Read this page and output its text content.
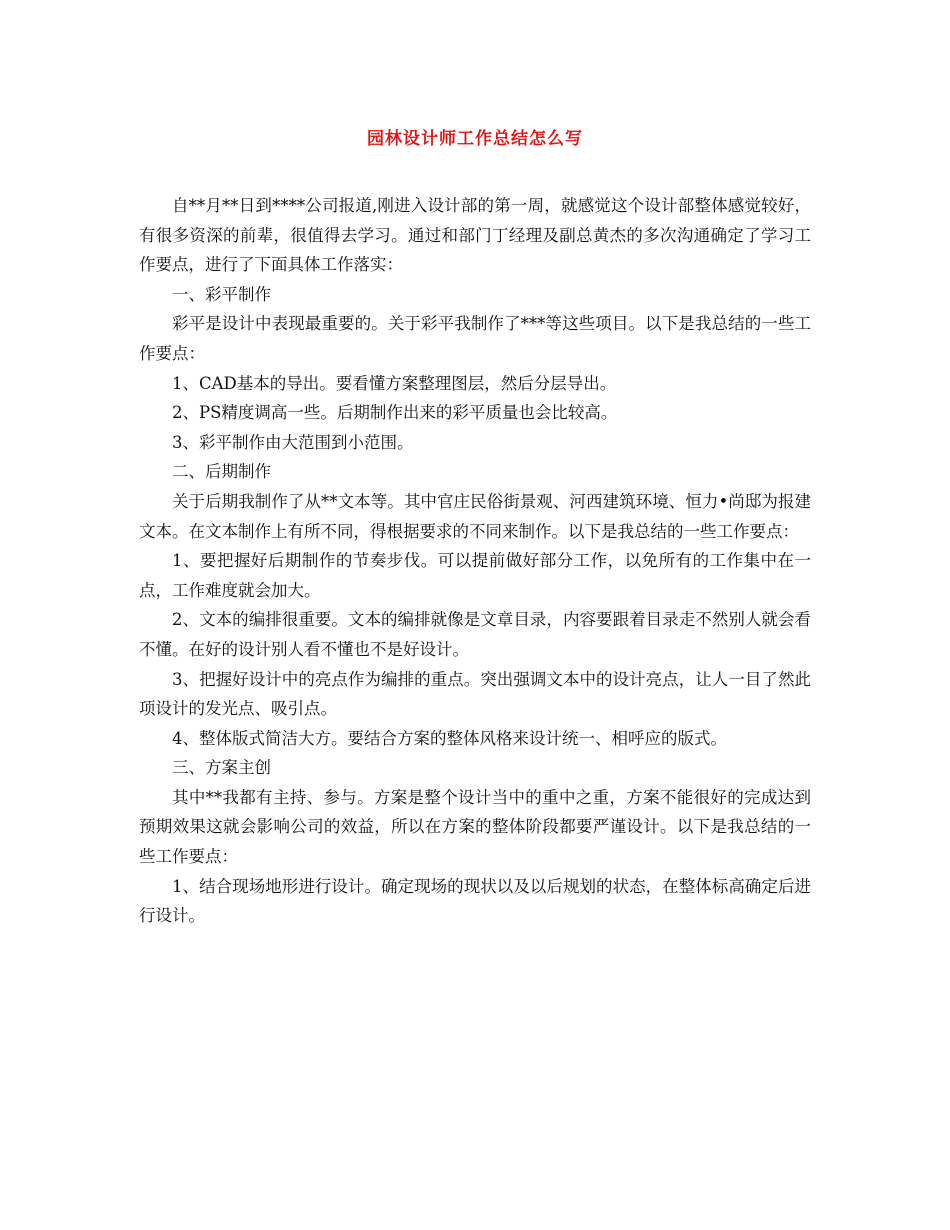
园林设计师工作总结怎么写

自**月**日到****公司报道,刚进入设计部的第一周，就感觉这个设计部整体感觉较好，有很多资深的前辈，很值得去学习。通过和部门丁经理及副总黄杰的多次沟通确定了学习工作要点，进行了下面具体工作落实：

一、彩平制作

彩平是设计中表现最重要的。关于彩平我制作了***等这些项目。以下是我总结的一些工作要点：

1、CAD基本的导出。要看懂方案整理图层，然后分层导出。

2、PS精度调高一些。后期制作出来的彩平质量也会比较高。

3、彩平制作由大范围到小范围。

二、后期制作

关于后期我制作了从**文本等。其中官庄民俗街景观、河西建筑环境、恒力•尚邸为报建文本。在文本制作上有所不同，得根据要求的不同来制作。以下是我总结的一些工作要点：

1、要把握好后期制作的节奏步伐。可以提前做好部分工作，以免所有的工作集中在一点，工作难度就会加大。

2、文本的编排很重要。文本的编排就像是文章目录，内容要跟着目录走不然别人就会看不懂。在好的设计别人看不懂也不是好设计。

3、把握好设计中的亮点作为编排的重点。突出强调文本中的设计亮点，让人一目了然此项设计的发光点、吸引点。

4、整体版式简洁大方。要结合方案的整体风格来设计统一、相呼应的版式。

三、方案主创

其中**我都有主持、参与。方案是整个设计当中的重中之重，方案不能很好的完成达到预期效果这就会影响公司的效益，所以在方案的整体阶段都要严谨设计。以下是我总结的一些工作要点：

1、结合现场地形进行设计。确定现场的现状以及以后规划的状态，在整体标高确定后进行设计。
